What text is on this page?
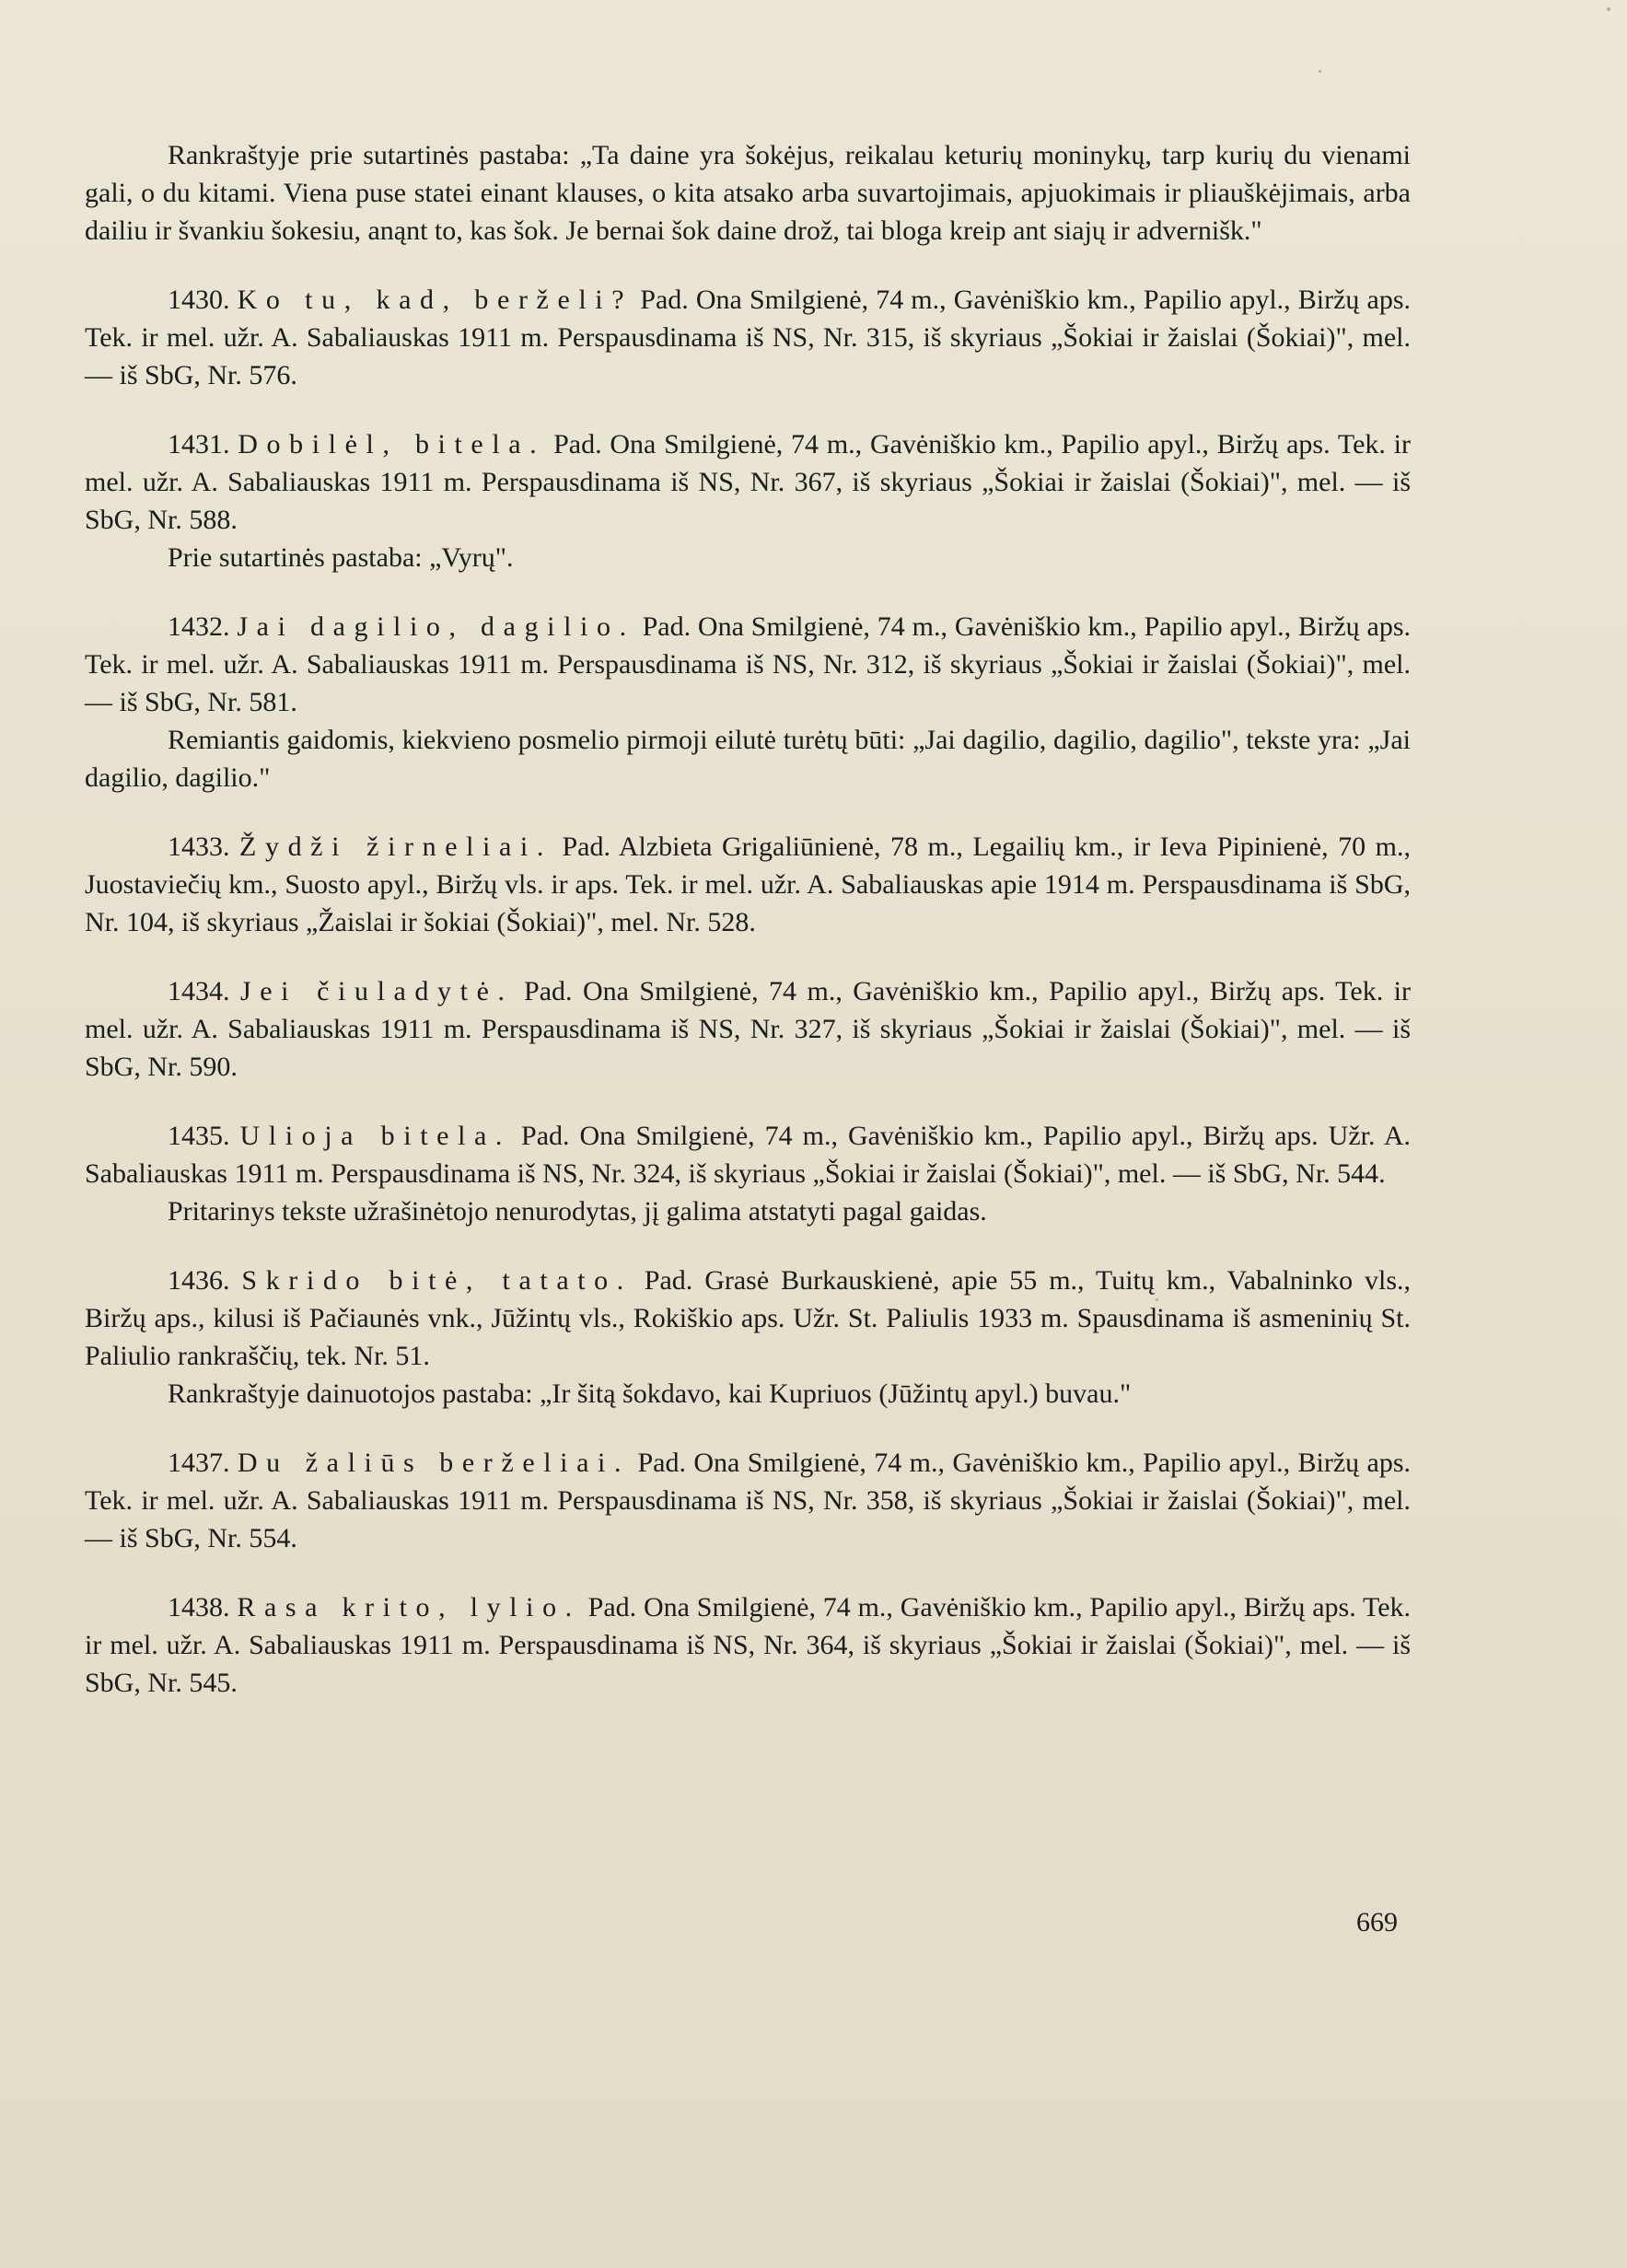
Rankraštyje prie sutartinės pastaba: „Ta daine yra šokėjus, reikalau keturių moninykų, tarp kurių du vienami gali, o du kitami. Viena puse statei einant klauses, o kita atsako arba suvartojimais, apjuokimais ir pliauškėjimais, arba dailiu ir švankiu šokesiu, anąnt to, kas šok. Je bernai šok daine drož, tai bloga kreip ant siajų ir advernišk."

1430. Ko tu, kad, berželi? Pad. Ona Smilgienė, 74 m., Gavėniškio km., Papilio apyl., Biržų aps. Tek. ir mel. užr. A. Sabaliauskas 1911 m. Perspausdinama iš NS, Nr. 315, iš skyriaus „Šokiai ir žaislai (Šokiai)", mel. — iš SbG, Nr. 576.

1431. Dobilėl, bitela. Pad. Ona Smilgienė, 74 m., Gavėniškio km., Papilio apyl., Biržų aps. Tek. ir mel. užr. A. Sabaliauskas 1911 m. Perspausdinama iš NS, Nr. 367, iš skyriaus „Šokiai ir žaislai (Šokiai)", mel. — iš SbG, Nr. 588.

Prie sutartinės pastaba: „Vyrų".

1432. Jai dagilio, dagilio. Pad. Ona Smilgienė, 74 m., Gavėniškio km., Papilio apyl., Biržų aps. Tek. ir mel. užr. A. Sabaliauskas 1911 m. Perspausdinama iš NS, Nr. 312, iš skyriaus „Šokiai ir žaislai (Šokiai)", mel. — iš SbG, Nr. 581.

Remiantis gaidomis, kiekvieno posmelio pirmoji eilutė turėtų būti: „Jai dagilio, dagilio, dagilio", tekste yra: „Jai dagilio, dagilio."

1433. Žydži žirneliai. Pad. Alzbieta Grigaliūnienė, 78 m., Legailių km., ir Ieva Pipinienė, 70 m., Juostaviečių km., Suosto apyl., Biržų vls. ir aps. Tek. ir mel. užr. A. Sabaliauskas apie 1914 m. Perspausdinama iš SbG, Nr. 104, iš skyriaus „Žaislai ir šokiai (Šokiai)", mel. Nr. 528.

1434. Jei čiuladytė. Pad. Ona Smilgienė, 74 m., Gavėniškio km., Papilio apyl., Biržų aps. Tek. ir mel. užr. A. Sabaliauskas 1911 m. Perspausdinama iš NS, Nr. 327, iš skyriaus „Šokiai ir žaislai (Šokiai)", mel. — iš SbG, Nr. 590.

1435. Ulioja bitela. Pad. Ona Smilgienė, 74 m., Gavėniškio km., Papilio apyl., Biržų aps. Užr. A. Sabaliauskas 1911 m. Perspausdinama iš NS, Nr. 324, iš skyriaus „Šokiai ir žaislai (Šokiai)", mel. — iš SbG, Nr. 544.

Pritarinys tekste užrašinėtojo nenurodytas, jį galima atstatyti pagal gaidas.

1436. Skrido bitė, tatato. Pad. Grasė Burkauskienė, apie 55 m., Tuitų km., Vabalninko vls., Biržų aps., kilusi iš Pačiaunės vnk., Jūžintų vls., Rokiškio aps. Užr. St. Paliulis 1933 m. Spausdinama iš asmeninių St. Paliulio rankraščių, tek. Nr. 51.

Rankraštyje dainuotojos pastaba: „Ir šitą šokdavo, kai Kupriuos (Jūžintų apyl.) buvau."

1437. Du žaliūs berželiai. Pad. Ona Smilgienė, 74 m., Gavėniškio km., Papilio apyl., Biržų aps. Tek. ir mel. užr. A. Sabaliauskas 1911 m. Perspausdinama iš NS, Nr. 358, iš skyriaus „Šokiai ir žaislai (Šokiai)", mel. — iš SbG, Nr. 554.

1438. Rasa krito, lylio. Pad. Ona Smilgienė, 74 m., Gavėniškio km., Papilio apyl., Biržų aps. Tek. ir mel. užr. A. Sabaliauskas 1911 m. Perspausdinama iš NS, Nr. 364, iš skyriaus „Šokiai ir žaislai (Šokiai)", mel. — iš SbG, Nr. 545.

669
